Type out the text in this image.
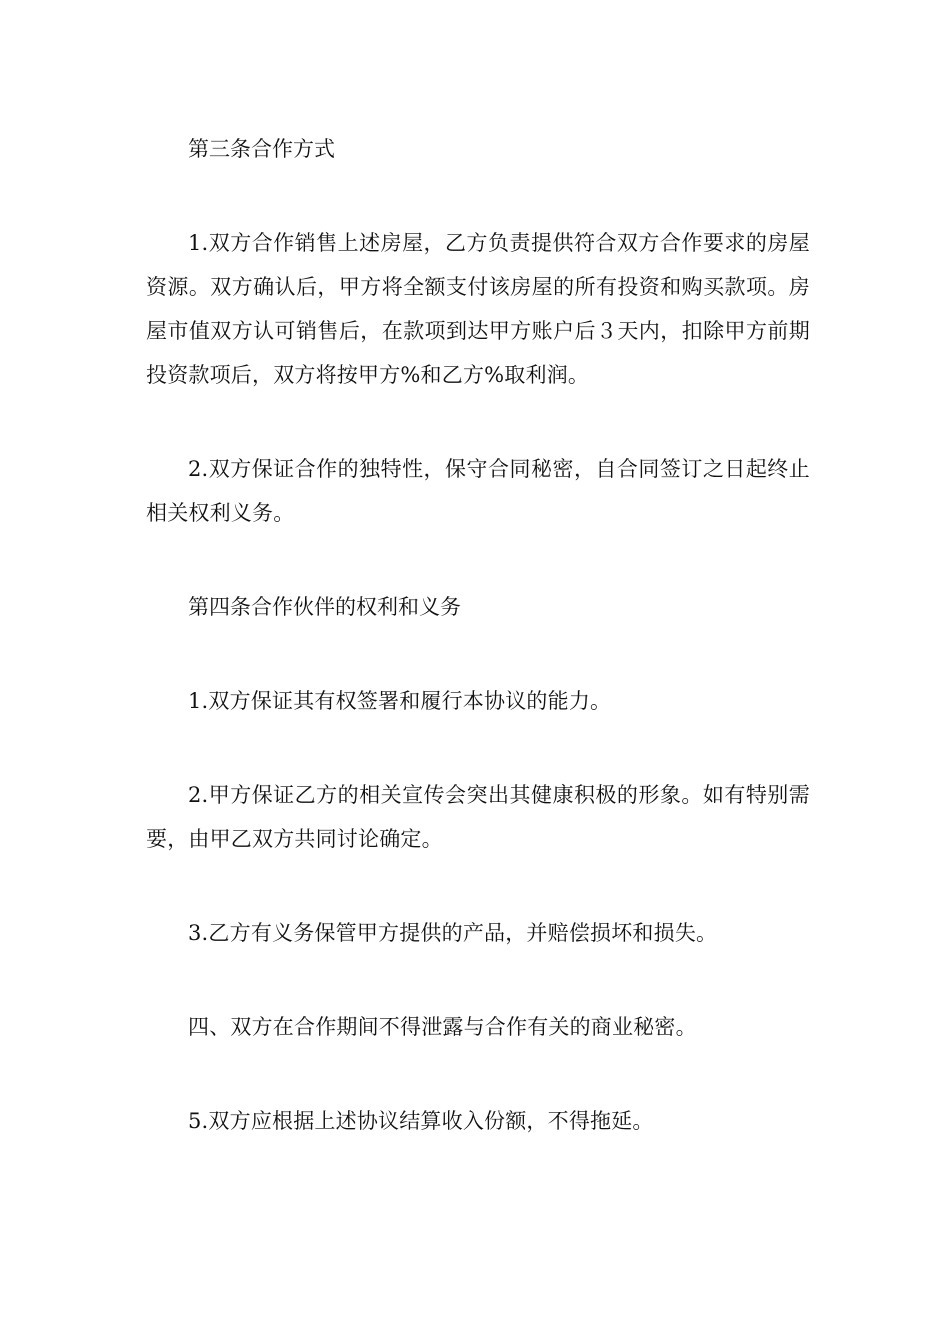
第三条合作方式

1.双方合作销售上述房屋，乙方负责提供符合双方合作要求的房屋资源。双方确认后，甲方将全额支付该房屋的所有投资和购买款项。房屋市值双方认可销售后，在款项到达甲方账户后３天内，扣除甲方前期投资款项后，双方将按甲方%和乙方%取利润。

2.双方保证合作的独特性，保守合同秘密，自合同签订之日起终止相关权利义务。

第四条合作伙伴的权利和义务

1.双方保证其有权签署和履行本协议的能力。

2.甲方保证乙方的相关宣传会突出其健康积极的形象。如有特别需要，由甲乙双方共同讨论确定。

3.乙方有义务保管甲方提供的产品，并赔偿损坏和损失。

四、双方在合作期间不得泄露与合作有关的商业秘密。

5.双方应根据上述协议结算收入份额，不得拖延。
